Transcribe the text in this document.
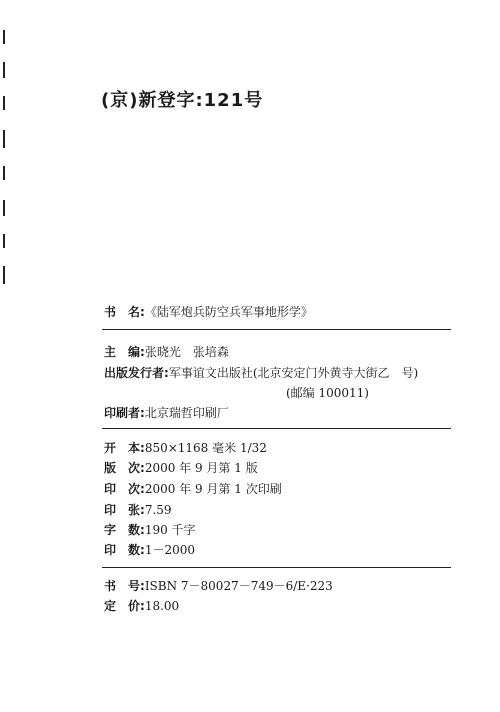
(京)新登字:121号
书　名:《陆军炮兵防空兵军事地形学》
主　编:张晓光　张培森
出版发行者:军事谊文出版社(北京安定门外黄寺大街乙　号)
(邮编 100011)
印刷者:北京瑞哲印刷厂
开　本:850×1168 毫米 1/32
版　次:2000 年 9 月第 1 版
印　次:2000 年 9 月第 1 次印刷
印　张:7.59
字　数:190 千字
印　数:1－2000
书　号:ISBN 7－80027－749－6/E·223
定　价:18.00
